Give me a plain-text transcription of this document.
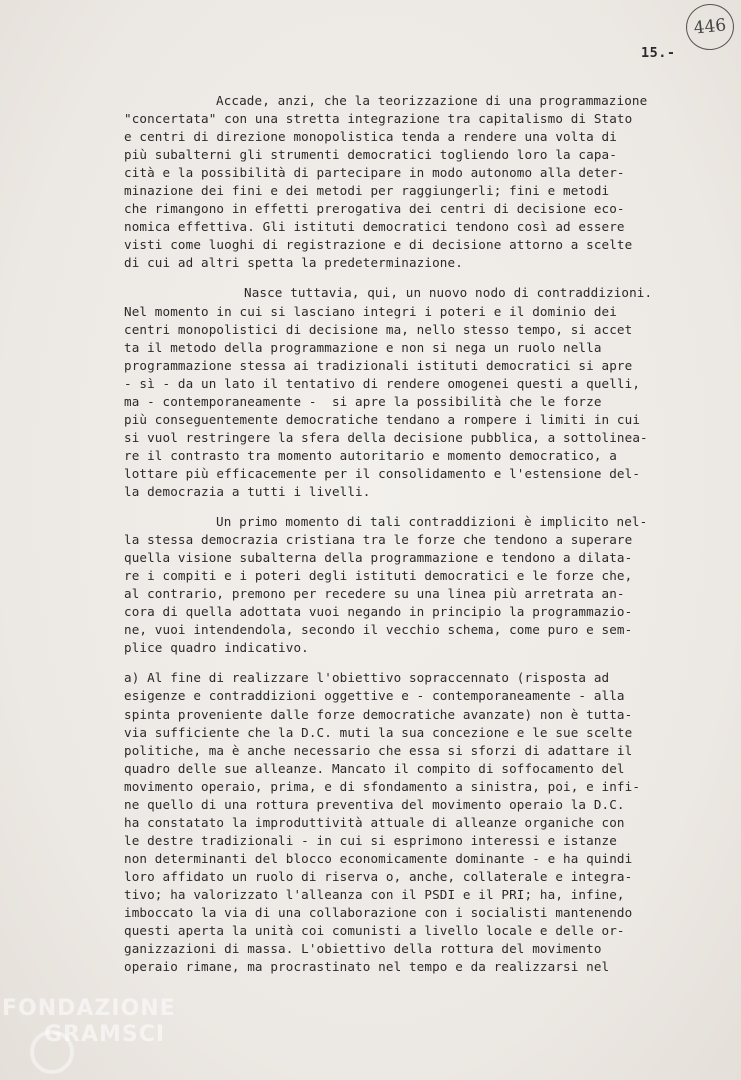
446
15.-
Accade, anzi, che la teorizzazione di una programmazione
"concertata" con una stretta integrazione tra capitalismo di Stato
e centri di direzione monopolistica tenda a rendere una volta di
più subalterni gli strumenti democratici togliendo loro la capa-
cità e la possibilità di partecipare in modo autonomo alla deter-
minazione dei fini e dei metodi per raggiungerli; fini e metodi
che rimangono in effetti prerogativa dei centri di decisione eco-
nomica effettiva. Gli istituti democratici tendono così ad essere
visti come luoghi di registrazione e di decisione attorno a scelte
di cui ad altri spetta la predeterminazione.
Nasce tuttavia, qui, un nuovo nodo di contraddizioni.
Nel momento in cui si lasciano integri i poteri e il dominio dei
centri monopolistici di decisione ma, nello stesso tempo, si accet
ta il metodo della programmazione e non si nega un ruolo nella
programmazione stessa ai tradizionali istituti democratici si apre
- sì - da un lato il tentativo di rendere omogenei questi a quelli,
ma - contemporaneamente -  si apre la possibilità che le forze
più conseguentemente democratiche tendano a rompere i limiti in cui
si vuol restringere la sfera della decisione pubblica, a sottolinea-
re il contrasto tra momento autoritario e momento democratico, a
lottare più efficacemente per il consolidamento e l'estensione del-
la democrazia a tutti i livelli.
Un primo momento di tali contraddizioni è implicito nel-
la stessa democrazia cristiana tra le forze che tendono a superare
quella visione subalterna della programmazione e tendono a dilata-
re i compiti e i poteri degli istituti democratici e le forze che,
al contrario, premono per recedere su una linea più arretrata an-
cora di quella adottata vuoi negando in principio la programmazio-
ne, vuoi intendendola, secondo il vecchio schema, come puro e sem-
plice quadro indicativo.
a) Al fine di realizzare l'obiettivo sopraccennato (risposta ad
esigenze e contraddizioni oggettive e - contemporaneamente - alla
spinta proveniente dalle forze democratiche avanzate) non è tutta-
via sufficiente che la D.C. muti la sua concezione e le sue scelte
politiche, ma è anche necessario che essa si sforzi di adattare il
quadro delle sue alleanze. Mancato il compito di soffocamento del
movimento operaio, prima, e di sfondamento a sinistra, poi, e infi-
ne quello di una rottura preventiva del movimento operaio la D.C.
ha constatato la improduttività attuale di alleanze organiche con
le destre tradizionali - in cui si esprimono interessi e istanze
non determinanti del blocco economicamente dominante - e ha quindi
loro affidato un ruolo di riserva o, anche, collaterale e integra-
tivo; ha valorizzato l'alleanza con il PSDI e il PRI; ha, infine,
imboccato la via di una collaborazione con i socialisti mantenendo
questi aperta la unità coi comunisti a livello locale e delle or-
ganizzazioni di massa. L'obiettivo della rottura del movimento
operaio rimane, ma procrastinato nel tempo e da realizzarsi nel
FONDAZIONE
GRAMSCI
